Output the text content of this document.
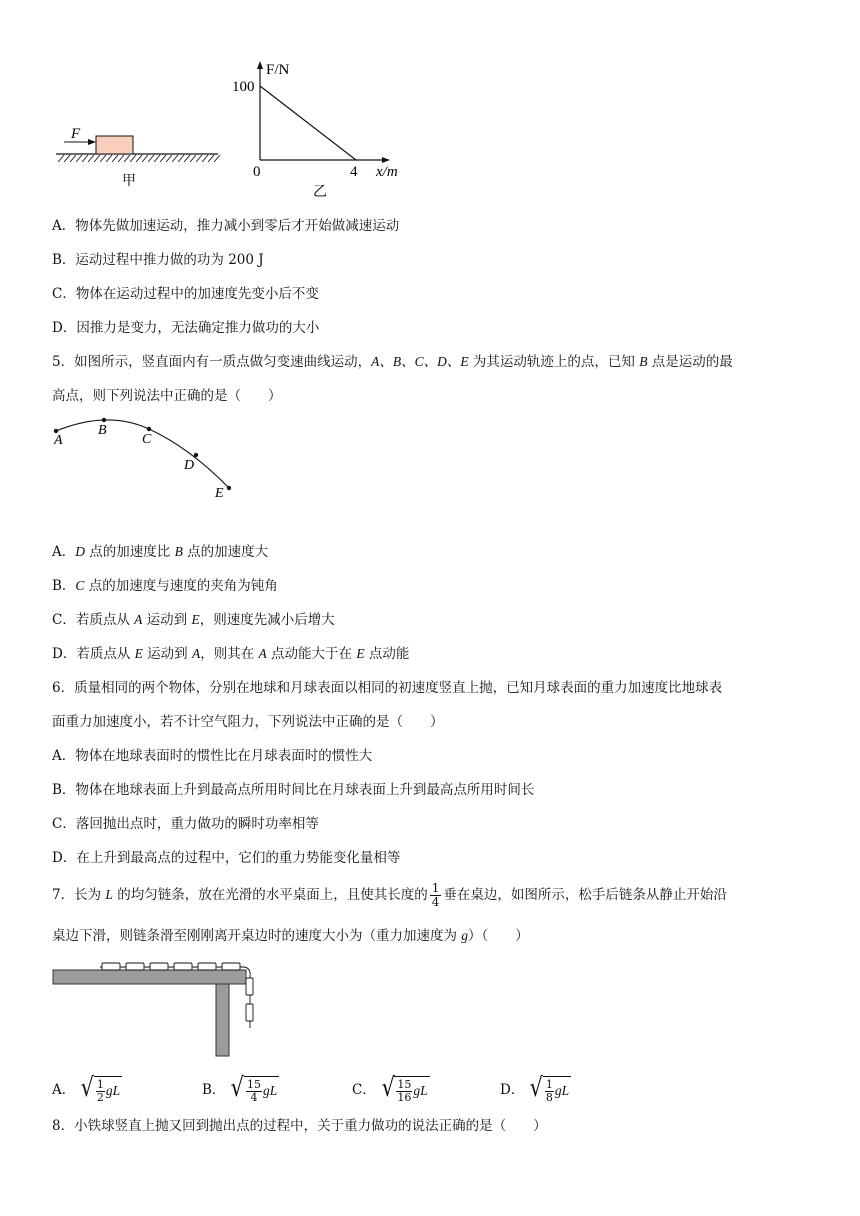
F
甲
F/N
100
0	4 x/m
乙
A．物体先做加速运动，推力减小到零后才开始做减速运动
B．运动过程中推力做的功为 200 J
C．物体在运动过程中的加速度先变小后不变
D．因推力是变力，无法确定推力做功的大小
5．如图所示，竖直面内有一质点做匀变速曲线运动，A、B、C、D、E 为其运动轨迹上的点，已知 B 点是运动的最
高点，则下列说法中正确的是（　　）
A
B
C
D
E
A．D 点的加速度比 B 点的加速度大
B．C 点的加速度与速度的夹角为钝角
C．若质点从 A 运动到 E，则速度先减小后增大
D．若质点从 E 运动到 A，则其在 A 点动能大于在 E 点动能
6．质量相同的两个物体，分别在地球和月球表面以相同的初速度竖直上抛，已知月球表面的重力加速度比地球表
面重力加速度小，若不计空气阻力，下列说法中正确的是（　　）
A．物体在地球表面时的惯性比在月球表面时的惯性大
B．物体在地球表面上升到最高点所用时间比在月球表面上升到最高点所用时间长
C．落回抛出点时，重力做功的瞬时功率相等
D．在上升到最高点的过程中，它们的重力势能变化量相等
7．长为 L 的均匀链条，放在光滑的水平桌面上，且使其长度的 $\frac{1}{4}$ 垂在桌边，如图所示，松手后链条从静止开始沿
桌边下滑，则链条滑至刚刚离开桌边时的速度大小为（重力加速度为 g）（　　）
A． √ $\frac{1}{2}$ gL	B． √ $\frac{15}{4}$ gL	C． √ $\frac{15}{16}$ gL	D． √ $\frac{1}{8}$ gL
8．小铁球竖直上抛又回到抛出点的过程中，关于重力做功的说法正确的是（　　）
